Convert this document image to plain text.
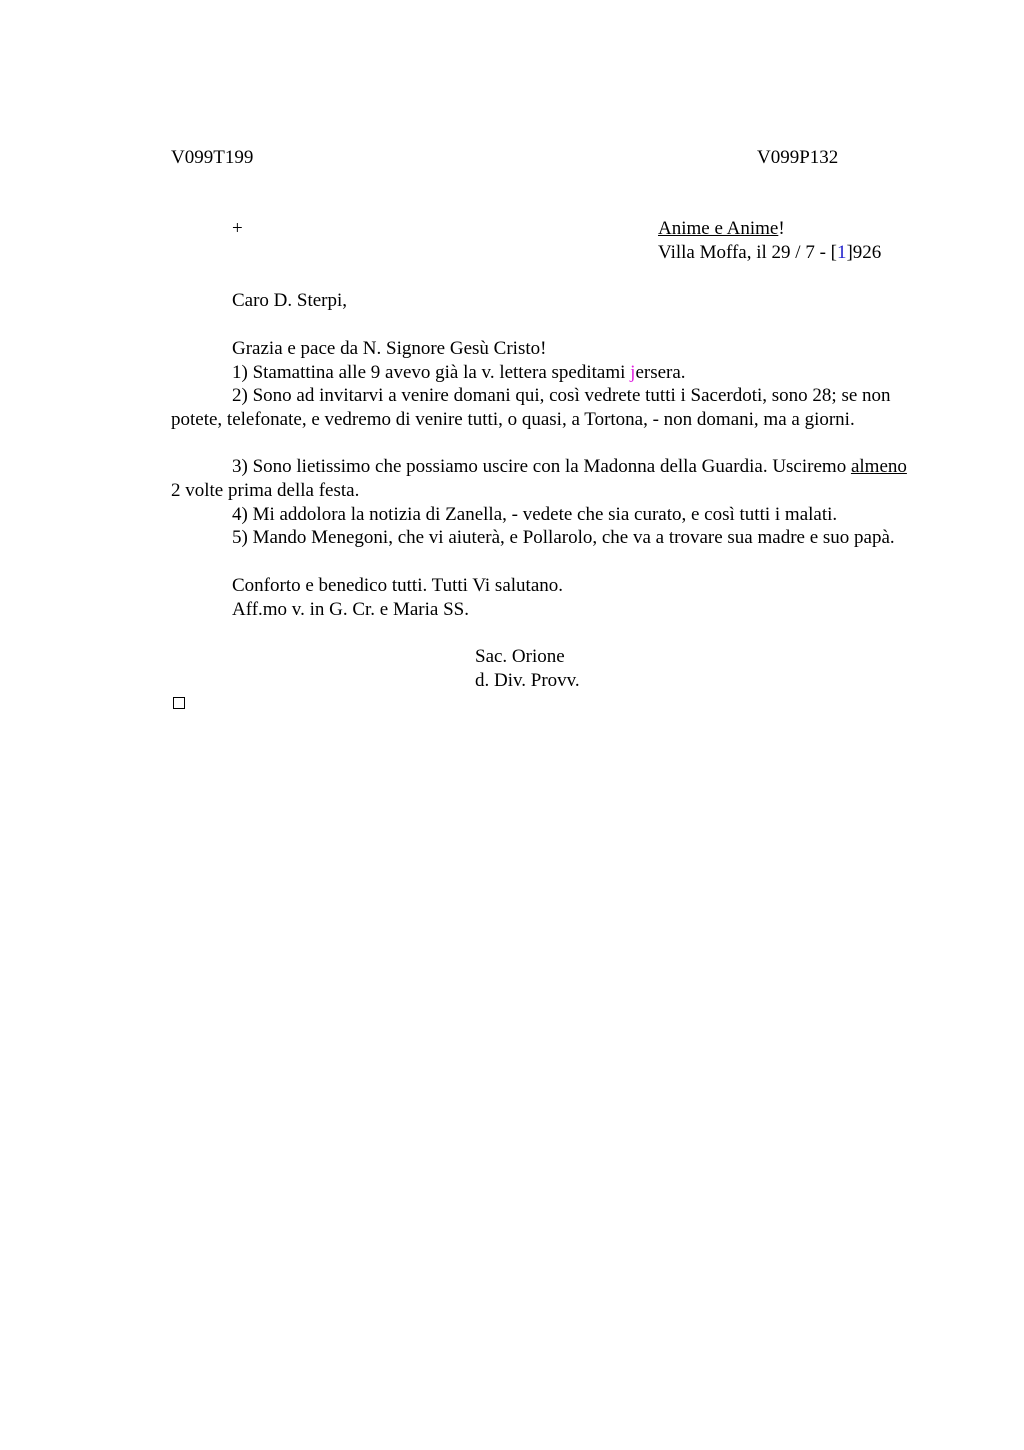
V099T199	V099P132
+	Anime e Anime!
Villa Moffa, il 29 / 7 - [1]926
Caro D. Sterpi,
Grazia e pace da N. Signore Gesù Cristo!
1) Stamattina alle 9 avevo già la v. lettera speditami jersera.

2) Sono ad invitarvi a venire domani qui, così vedrete tutti i Sacerdoti, sono 28; se non potete, telefonate, e vedremo di venire tutti, o quasi, a Tortona, - non domani, ma a giorni.

3) Sono lietissimo che possiamo uscire con la Madonna della Guardia. Usciremo almeno 2 volte prima della festa.

4) Mi addolora la notizia di Zanella, - vedete che sia curato, e così tutti i malati.

5) Mando Menegoni, che vi aiuterà, e Pollarolo, che va a trovare sua madre e suo papà.

Conforto e benedico tutti. Tutti Vi salutano.
Aff.mo v. in G. Cr. e Maria SS.
Sac. Orione
d. Div. Provv.
